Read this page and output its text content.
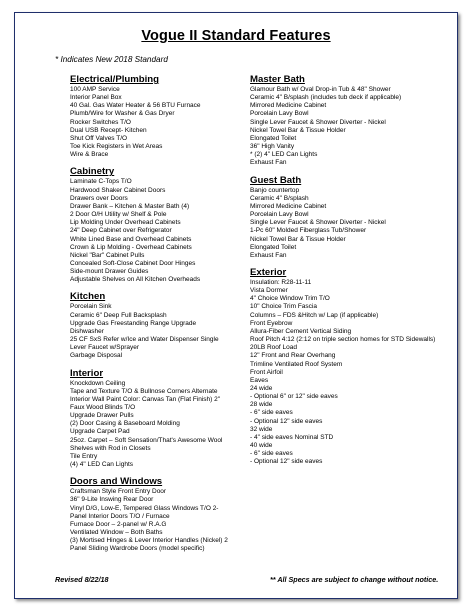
Vogue II Standard Features
* Indicates New 2018 Standard
Electrical/Plumbing
100 AMP Service
Interior Panel Box
40 Gal. Gas Water Heater & 56 BTU Furnace
Plumb/Wire for Washer & Gas Dryer
Rocker Switches T/O
Dual USB Recept- Kitchen
Shut Off Valves T/O
Toe Kick Registers in Wet Areas
Wire & Brace
Cabinetry
Laminate C-Tops T/O
Hardwood Shaker Cabinet Doors
Drawers over Doors
Drawer Bank – Kitchen & Master Bath (4)
2 Door O/H Utility w/ Shelf & Pole
Lip Molding Under Overhead Cabinets
24" Deep Cabinet over Refrigerator
White Lined Base and Overhead Cabinets
Crown & Lip Molding - Overhead Cabinets
Nickel "Bar" Cabinet Pulls
Concealed Soft-Close Cabinet Door Hinges
Side-mount Drawer Guides
Adjustable Shelves on All Kitchen Overheads
Kitchen
Porcelain Sink
Ceramic 6" Deep Full Backsplash
Upgrade Gas Freestanding Range Upgrade
Dishwasher
25 CF SxS Refer w/Ice and Water Dispenser Single
Lever Faucet w/Sprayer
Garbage Disposal
Interior
Knockdown Ceiling
Tape and Texture T/O & Bullnose Corners Alternate
Interior Wall Paint Color: Canvas Tan (Flat Finish) 2"
Faux Wood Blinds T/O
Upgrade Drawer Pulls
(2) Door Casing & Baseboard Molding
Upgrade Carpet Pad
25oz. Carpet – Soft Sensation/That's Awesome Wool
Shelves with Rod in Closets
Tile Entry
(4) 4" LED Can Lights
Doors and Windows
Craftsman Style Front Entry Door
36" 9-Lite Inswing Rear Door
Vinyl D/G, Low-E, Tempered Glass Windows T/O 2-
Panel Interior Doors T/O / Furnace
Furnace Door – 2-panel w/ R.A.G
Ventilated Window – Both Baths
(3) Mortised Hinges & Lever Interior Handles (Nickel) 2
Panel Sliding Wardrobe Doors (model specific)
Master Bath
Glamour Bath w/ Oval Drop-in Tub & 48" Shower
Ceramic 4" B/splash (includes tub deck if applicable)
Mirrored Medicine Cabinet
Porcelain Lavy Bowl
Single Lever Faucet & Shower Diverter - Nickel
Nickel Towel Bar & Tissue Holder
Elongated Toilet
36" High Vanity
* (2) 4" LED Can Lights
Exhaust Fan
Guest Bath
Banjo countertop
Ceramic 4" B/splash
Mirrored Medicine Cabinet
Porcelain Lavy Bowl
Single Lever Faucet & Shower Diverter - Nickel
1-Pc 60" Molded Fiberglass Tub/Shower
Nickel Towel Bar & Tissue Holder
Elongated Toilet
Exhaust Fan
Exterior
Insulation: R28-11-11
Vista Dormer
4" Choice Window Trim T/O
10" Choice Trim Fascia
Columns – FDS &Hitch w/ Lap (if applicable)
Front Eyebrow
Allura-Fiber Cement Vertical Siding
Roof Pitch 4:12 (2:12 on triple section homes for STD Sidewalls)
20LB Roof Load
12" Front and Rear Overhang
Trimline Ventilated Roof System
Front Airfoil
Eaves
24 wide
- Optional 6" or 12" side eaves
28 wide
- 6" side eaves
- Optional 12" side eaves
32 wide
- 4" side eaves Nominal STD
40 wide
- 6" side eaves
- Optional 12" side eaves
Revised 8/22/18	** All Specs are subject to change without notice.
